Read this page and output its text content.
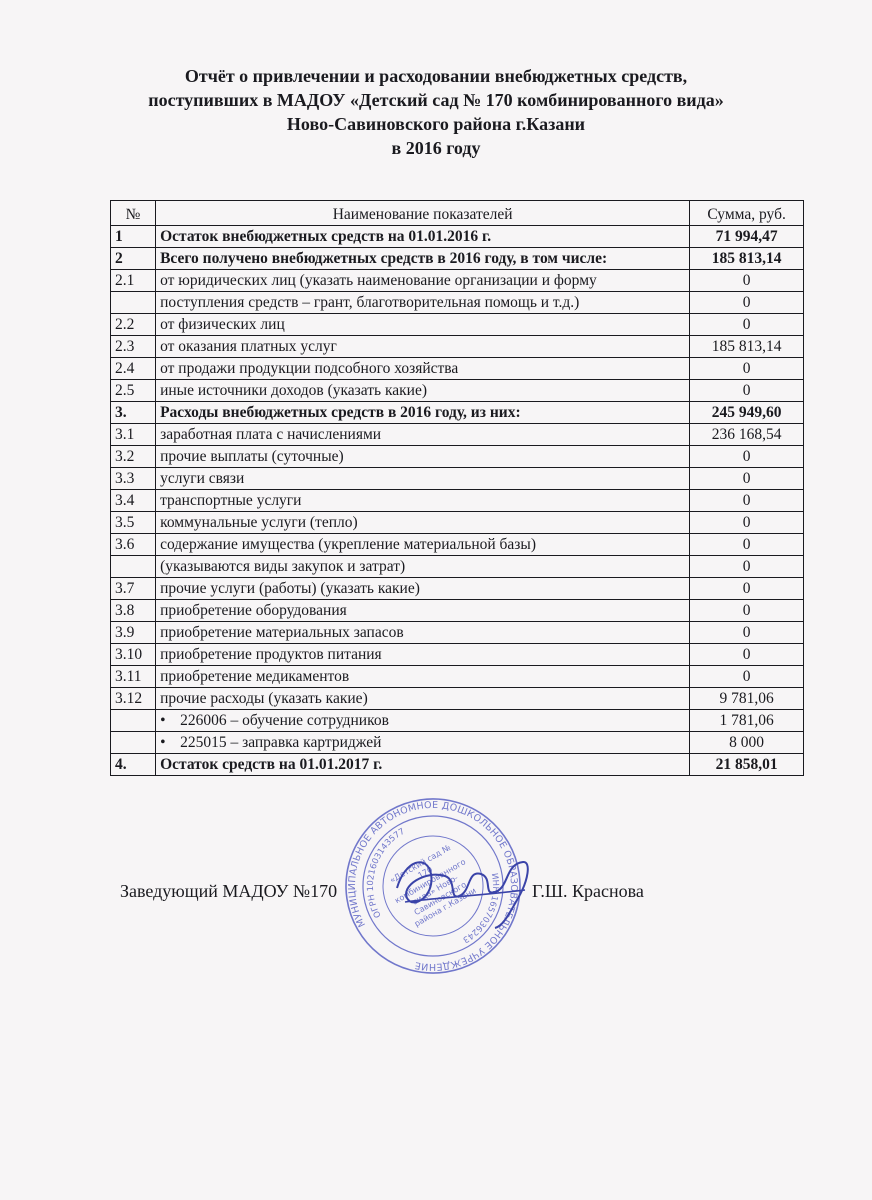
Отчёт о привлечении и расходовании внебюджетных средств,
поступивших в МАДОУ «Детский сад № 170 комбинированного вида»
Ново-Савиновского района г.Казани
в 2016 году
№	Наименование показателей	Сумма, руб.
1	Остаток внебюджетных средств на 01.01.2016 г.	71 994,47
2	Всего получено внебюджетных средств в 2016 году, в том числе:	185 813,14
2.1	от юридических лиц (указать наименование организации и форму	0
	поступления средств – грант, благотворительная помощь и т.д.)	0
2.2	от физических лиц	0
2.3	от оказания платных услуг	185 813,14
2.4	от продажи продукции подсобного хозяйства	0
2.5	иные источники доходов (указать какие)	0
3.	Расходы внебюджетных средств в 2016 году, из них:	245 949,60
3.1	заработная плата с начислениями	236 168,54
3.2	прочие выплаты (суточные)	0
3.3	услуги связи	0
3.4	транспортные услуги	0
3.5	коммунальные услуги (тепло)	0
3.6	содержание имущества (укрепление материальной базы)	0
	(указываются виды закупок и затрат)	0
3.7	прочие услуги (работы) (указать какие)	0
3.8	приобретение оборудования	0
3.9	приобретение материальных запасов	0
3.10	приобретение продуктов питания	0
3.11	приобретение медикаментов	0
3.12	прочие расходы (указать какие)	9 781,06
	• 226006 – обучение сотрудников	1 781,06
	• 225015 – заправка картриджей	8 000
4.	Остаток средств на 01.01.2017 г.	21 858,01
МУНИЦИПАЛЬНОЕ АВТОНОМНОЕ ДОШКОЛЬНОЕ ОБРАЗОВАТЕЛЬНОЕ УЧРЕЖДЕНИЕ
ОГРН 1021603143577
ИНН 1657036243
«Детский сад № 170 комбинированного вида» Ново-Савиновского района г.Казани
Заведующий МАДОУ №170	Г.Ш. Краснова
